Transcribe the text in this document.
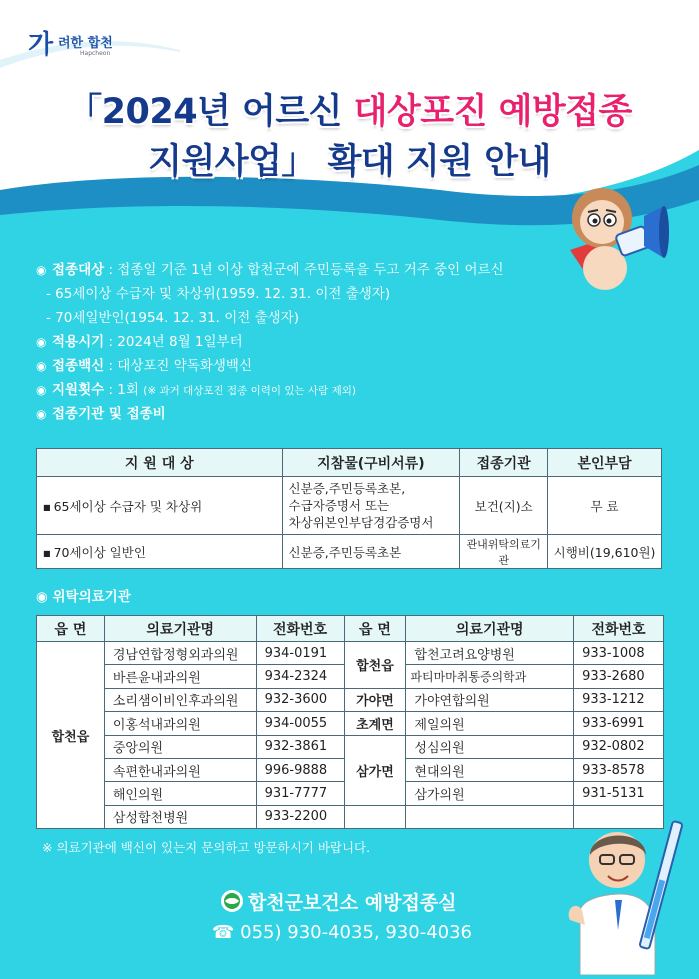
가 려한 합천
Hapcheon
「2024년 어르신 대상포진 예방접종
지원사업」 확대 지원 안내
◉ 접종대상 : 접종일 기준 1년 이상 합천군에 주민등록을 두고 거주 중인 어르신
- 65세이상 수급자 및 차상위(1959. 12. 31. 이전 출생자)
- 70세일반인(1954. 12. 31. 이전 출생자)
◉ 적용시기 : 2024년 8월 1일부터
◉ 접종백신 : 대상포진 약독화생백신
◉ 지원횟수 : 1회 (※ 과거 대상포진 접종 이력이 있는 사람 제외)
◉ 접종기관 및 접종비
지 원 대 상	지참물(구비서류)	접종기관	본인부담
■ 65세이상 수급자 및 차상위	신분증,주민등록초본,
수급자증명서 또는
차상위본인부담경감증명서	보건(지)소	무 료
■ 70세이상 일반인	신분증,주민등록초본	관내위탁의료기관	시행비(19,610원)
◉ 위탁의료기관
읍 면	의료기관명	전화번호	읍 면	의료기관명	전화번호
합천읍	경남연합정형외과의원	934-0191	합천읍	합천고려요양병원	933-1008
	바른윤내과의원	934-2324		파티마마취통증의학과	933-2680
	소리샘이비인후과의원	932-3600	가야면	가야연합의원	933-1212
	이홍석내과의원	934-0055	초계면	제일의원	933-6991
	중앙의원	932-3861	삼가면	성심의원	932-0802
	속편한내과의원	996-9888		현대의원	933-8578
	해인의원	931-7777		삼가의원	931-5131
	삼성합천병원	933-2200			
※ 의료기관에 백신이 있는지 문의하고 방문하시기 바랍니다.
합천군보건소 예방접종실
☎ 055) 930-4035, 930-4036
